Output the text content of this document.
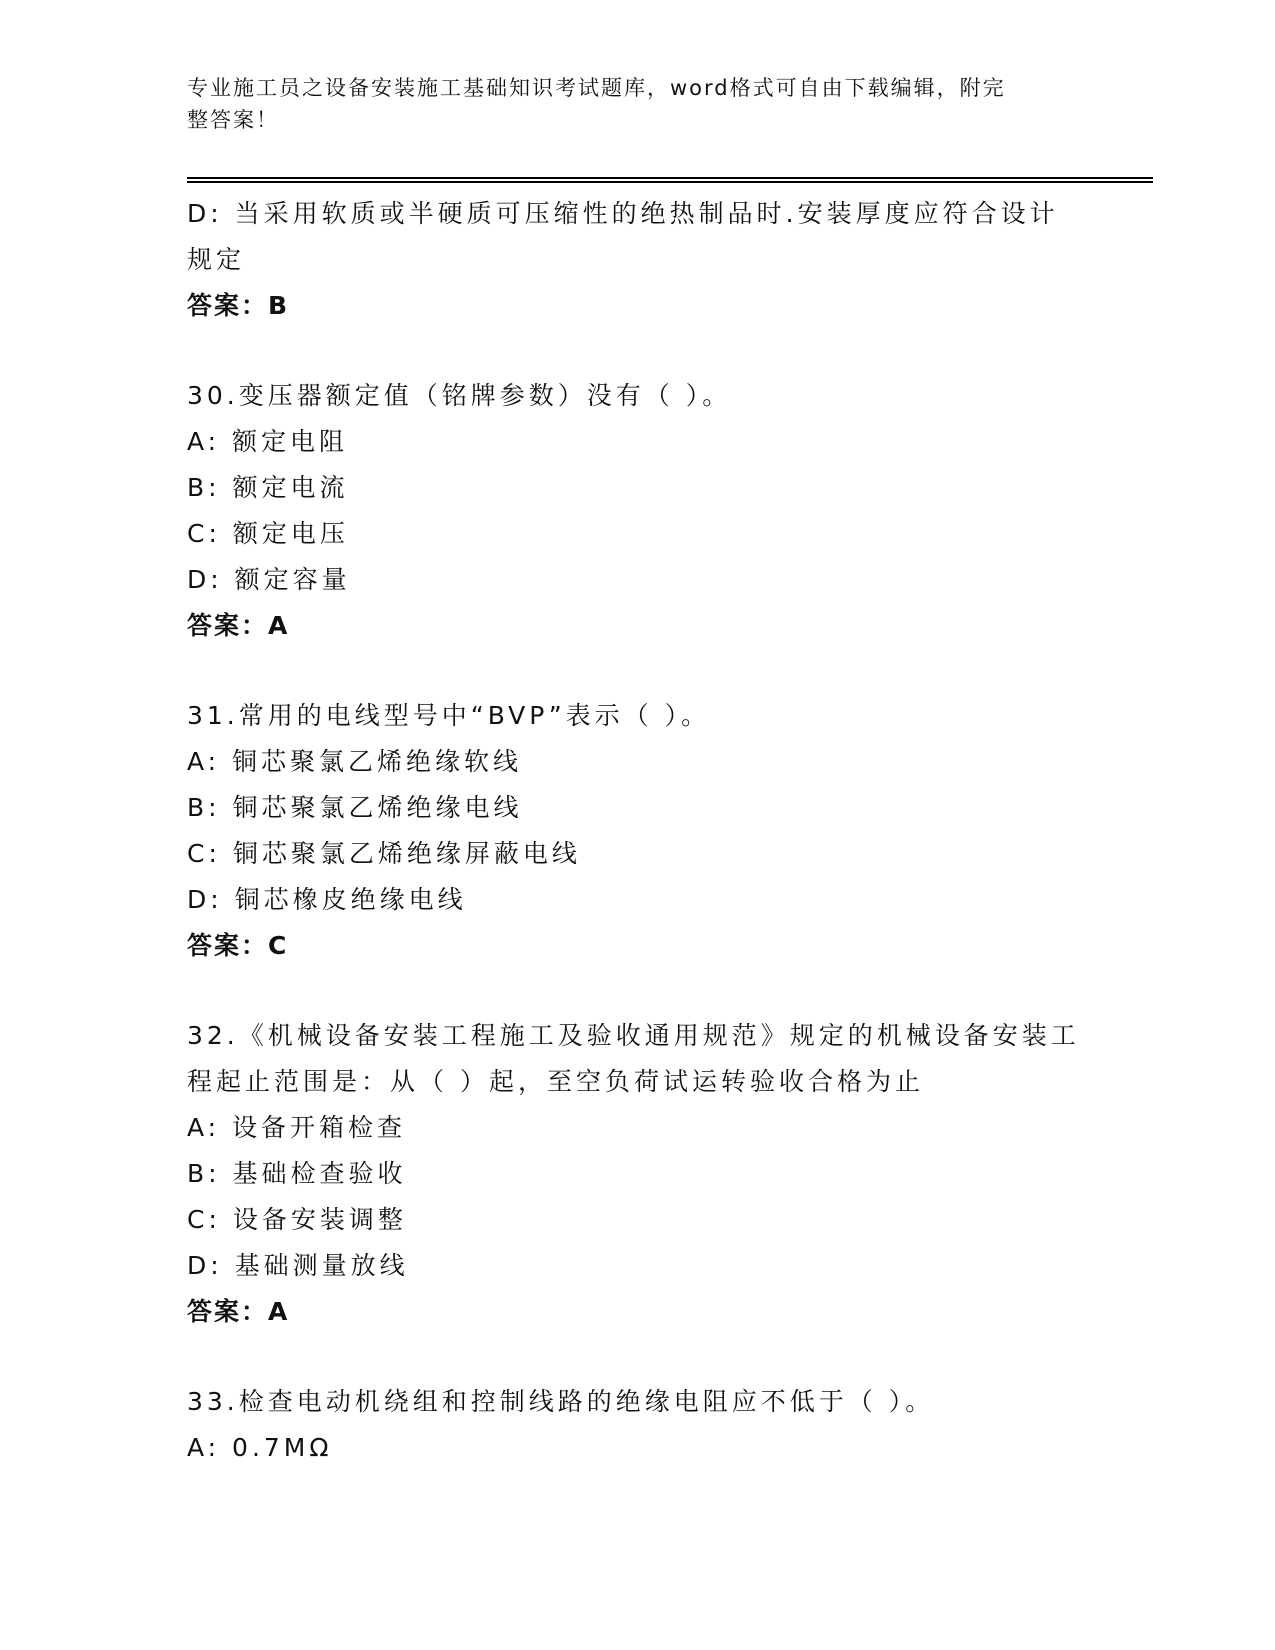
专业施工员之设备安装施工基础知识考试题库，word格式可自由下载编辑，附完
整答案！
D: 当采用软质或半硬质可压缩性的绝热制品时.安装厚度应符合设计
规定
答案：B
30.变压器额定值（铭牌参数）没有（ ）。
A: 额定电阻
B: 额定电流
C: 额定电压
D: 额定容量
答案：A
31.常用的电线型号中“BVP”表示（ ）。
A: 铜芯聚氯乙烯绝缘软线
B: 铜芯聚氯乙烯绝缘电线
C: 铜芯聚氯乙烯绝缘屏蔽电线
D: 铜芯橡皮绝缘电线
答案：C
32.《机械设备安装工程施工及验收通用规范》规定的机械设备安装工
程起止范围是：从（ ）起，至空负荷试运转验收合格为止
A: 设备开箱检查
B: 基础检查验收
C: 设备安装调整
D: 基础测量放线
答案：A
33.检查电动机绕组和控制线路的绝缘电阻应不低于（ ）。
A: 0.7MΩ
